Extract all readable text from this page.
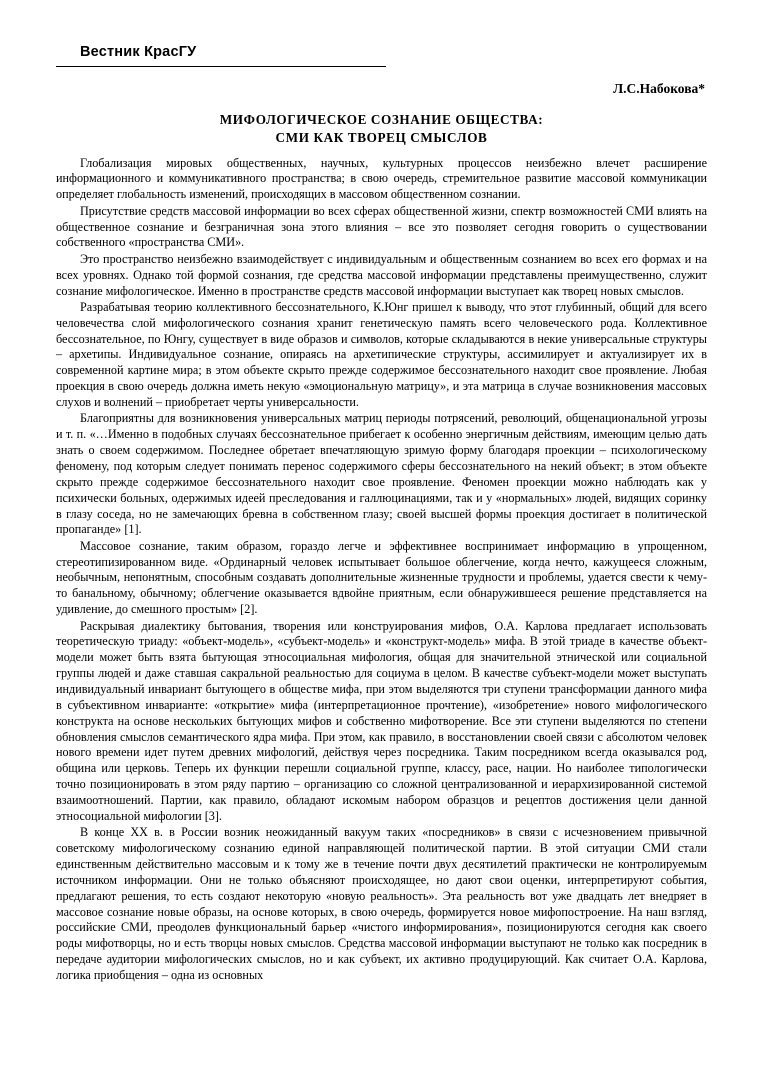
Вестник КрасГУ
Л.С.Набокова*
МИФОЛОГИЧЕСКОЕ СОЗНАНИЕ ОБЩЕСТВА:
СМИ КАК ТВОРЕЦ СМЫСЛОВ

Глобализация мировых общественных, научных, культурных процессов неизбежно влечет расширение информационного и коммуникативного пространства; в свою очередь, стремительное развитие массовой коммуникации определяет глобальность изменений, происходящих в массовом общественном сознании.

Присутствие средств массовой информации во всех сферах общественной жизни, спектр возможностей СМИ влиять на общественное сознание и безграничная зона этого влияния – все это позволяет сегодня говорить о существовании собственного «пространства СМИ».

Это пространство неизбежно взаимодействует с индивидуальным и общественным сознанием во всех его формах и на всех уровнях. Однако той формой сознания, где средства массовой информации представлены преимущественно, служит сознание мифологическое. Именно в пространстве средств массовой информации выступает как творец новых смыслов.

Разрабатывая теорию коллективного бессознательного, К.Юнг пришел к выводу, что этот глубинный, общий для всего человечества слой мифологического сознания хранит генетическую память всего человеческого рода. Коллективное бессознательное, по Юнгу, существует в виде образов и символов, которые складываются в некие универсальные структуры – архетипы. Индивидуальное сознание, опираясь на архетипические структуры, ассимилирует и актуализирует их в современной картине мира; в этом объекте скрыто прежде содержимое бессознательного находит свое проявление. Любая проекция в свою очередь должна иметь некую «эмоциональную матрицу», и эта матрица в случае возникновения массовых слухов и волнений – приобретает черты универсальности.

Благоприятны для возникновения универсальных матриц периоды потрясений, революций, общенациональной угрозы и т. п. «…Именно в подобных случаях бессознательное прибегает к особенно энергичным действиям, имеющим целью дать знать о своем содержимом. Последнее обретает впечатляющую зримую форму благодаря проекции – психологическому феномену, под которым следует понимать перенос содержимого сферы бессознательного на некий объект; в этом объекте скрыто прежде содержимое бессознательного находит свое проявление. Феномен проекции можно наблюдать как у психически больных, одержимых идеей преследования и галлюцинациями, так и у «нормальных» людей, видящих соринку в глазу соседа, но не замечающих бревна в собственном глазу; своей высшей формы проекция достигает в политической пропаганде» [1].

Массовое сознание, таким образом, гораздо легче и эффективнее воспринимает информацию в упрощенном, стереотипизированном виде. «Ординарный человек испытывает большое облегчение, когда нечто, кажущееся сложным, необычным, непонятным, способным создавать дополнительные жизненные трудности и проблемы, удается свести к чему-то банальному, обычному; облегчение оказывается вдвойне приятным, если обнаружившееся решение представляется на удивление, до смешного простым» [2].

Раскрывая диалектику бытования, творения или конструирования мифов, О.А. Карлова предлагает использовать теоретическую триаду: «объект-модель», «субъект-модель» и «конструкт-модель» мифа. В этой триаде в качестве объект-модели может быть взята бытующая этносоциальная мифология, общая для значительной этнической или социальной группы людей и даже ставшая сакральной реальностью для социума в целом. В качестве субъект-модели может выступать индивидуальный инвариант бытующего в обществе мифа, при этом выделяются три ступени трансформации данного мифа в субъективном инварианте: «открытие» мифа (интерпретационное прочтение), «изобретение» нового мифологического конструкта на основе нескольких бытующих мифов и собственно мифотворение. Все эти ступени выделяются по степени обновления смыслов семантического ядра мифа. При этом, как правило, в восстановлении своей связи с абсолютом человек нового времени идет путем древних мифологий, действуя через посредника. Таким посредником всегда оказывался род, община или церковь. Теперь их функции перешли социальной группе, классу, расе, нации. Но наиболее типологически точно позиционировать в этом ряду партию – организацию со сложной централизованной и иерархизированной системой взаимоотношений. Партии, как правило, обладают искомым набором образцов и рецептов достижения цели данной этносоциальной мифологии [3].

В конце XX в. в России возник неожиданный вакуум таких «посредников» в связи с исчезновением привычной советскому мифологическому сознанию единой направляющей политической партии. В этой ситуации СМИ стали единственным действительно массовым и к тому же в течение почти двух десятилетий практически не контролируемым источником информации. Они не только объясняют происходящее, но дают свои оценки, интерпретируют события, предлагают решения, то есть создают некоторую «новую реальность». Эта реальность вот уже двадцать лет внедряет в массовое сознание новые образы, на основе которых, в свою очередь, формируется новое мифопостроение. На наш взгляд, российские СМИ, преодолев функциональный барьер «чистого информирования», позиционируются сегодня как своего роды мифотворцы, но и есть творцы новых смыслов. Средства массовой информации выступают не только как посредник в передаче аудитории мифологических смыслов, но и как субъект, их активно продуцирующий. Как считает О.А. Карлова, логика приобщения – одна из основных
